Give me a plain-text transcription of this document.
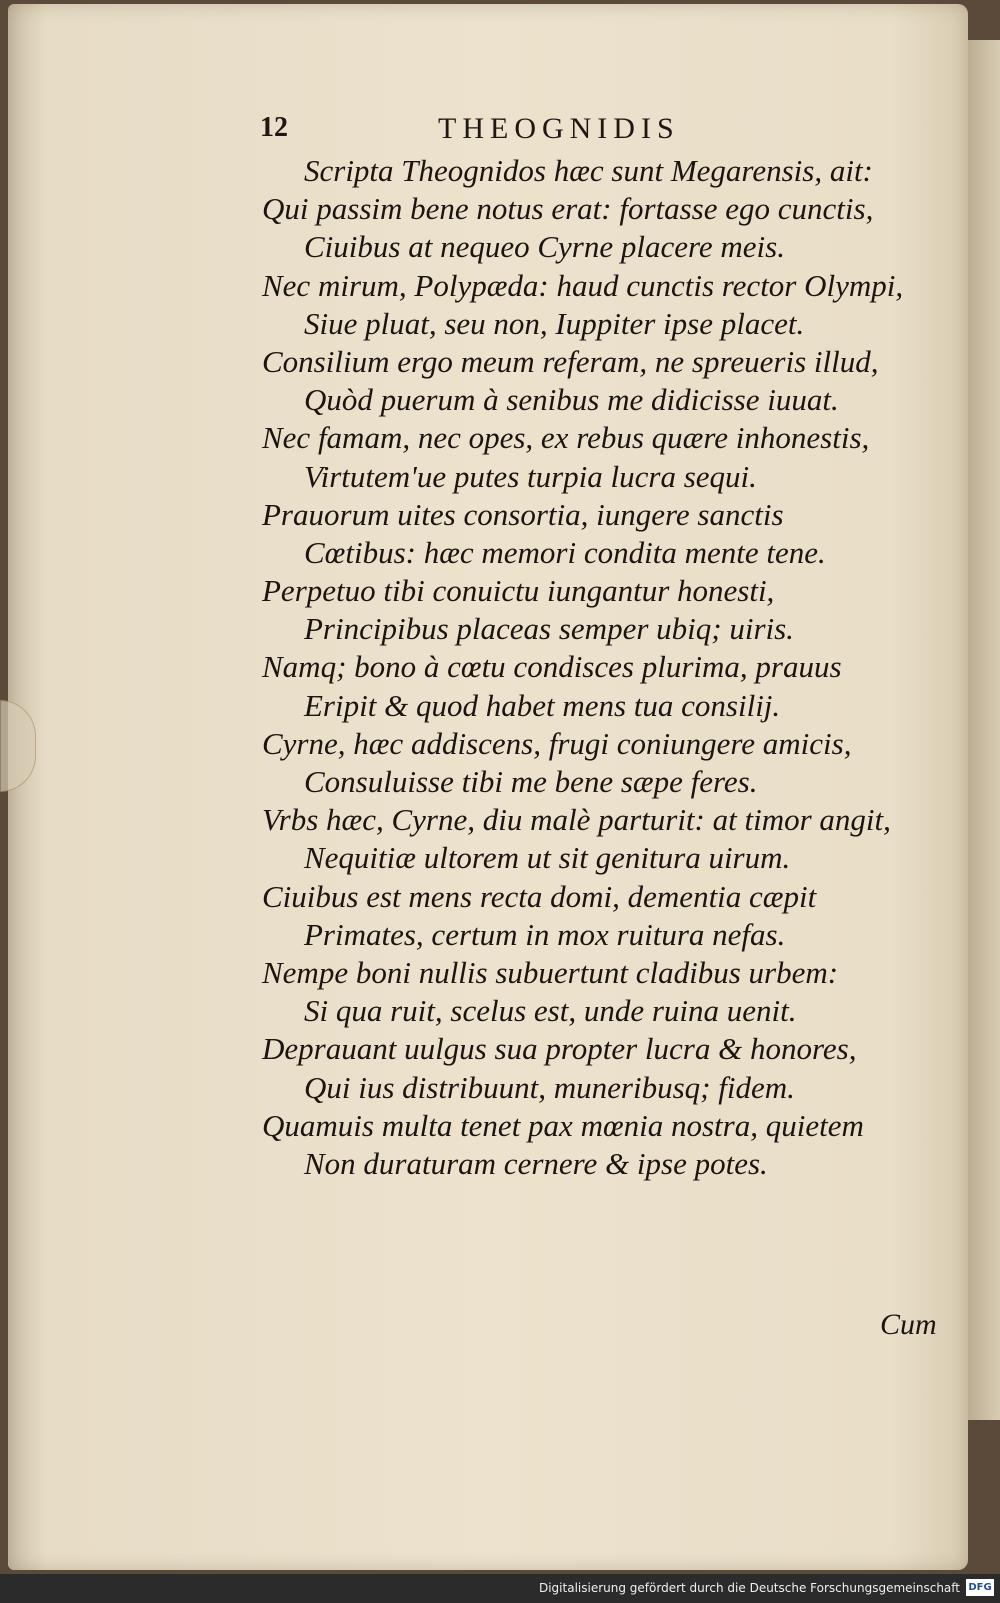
12	THEOGNIDIS
Scripta Theognidos hæc sunt Megarensis, ait:
Qui passim bene notus erat: fortasse ego cunctis,
Ciuibus at nequeo Cyrne placere meis.
Nec mirum, Polypæda: haud cunctis rector Olympi,
Siue pluat, seu non, Iuppiter ipse placet.
Consilium ergo meum referam, ne spreueris illud,
Quòd puerum à senibus me didicisse iuuat.
Nec famam, nec opes, ex rebus quære inhonestis,
Virtutem'ue putes turpia lucra sequi.
Prauorum uites consortia, iungere sanctis
Cœtibus: hæc memori condita mente tene.
Perpetuo tibi conuictu iungantur honesti,
Principibus placeas semper ubiq; uiris.
Namq; bono à cœtu condisces plurima, prauus
Eripit & quod habet mens tua consilij.
Cyrne, hæc addiscens, frugi coniungere amicis,
Consuluisse tibi me bene sæpe feres.
Vrbs hæc, Cyrne, diu malè parturit: at timor angit,
Nequitiæ ultorem ut sit genitura uirum.
Ciuibus est mens recta domi, dementia cæpit
Primates, certum in mox ruitura nefas.
Nempe boni nullis subuertunt cladibus urbem:
Si qua ruit, scelus est, unde ruina uenit.
Deprauant uulgus sua propter lucra & honores,
Qui ius distribuunt, muneribusq; fidem.
Quamuis multa tenet pax mœnia nostra, quietem
Non duraturam cernere & ipse potes.
Cum
Digitalisierung gefördert durch die Deutsche Forschungsgemeinschaft DFG
